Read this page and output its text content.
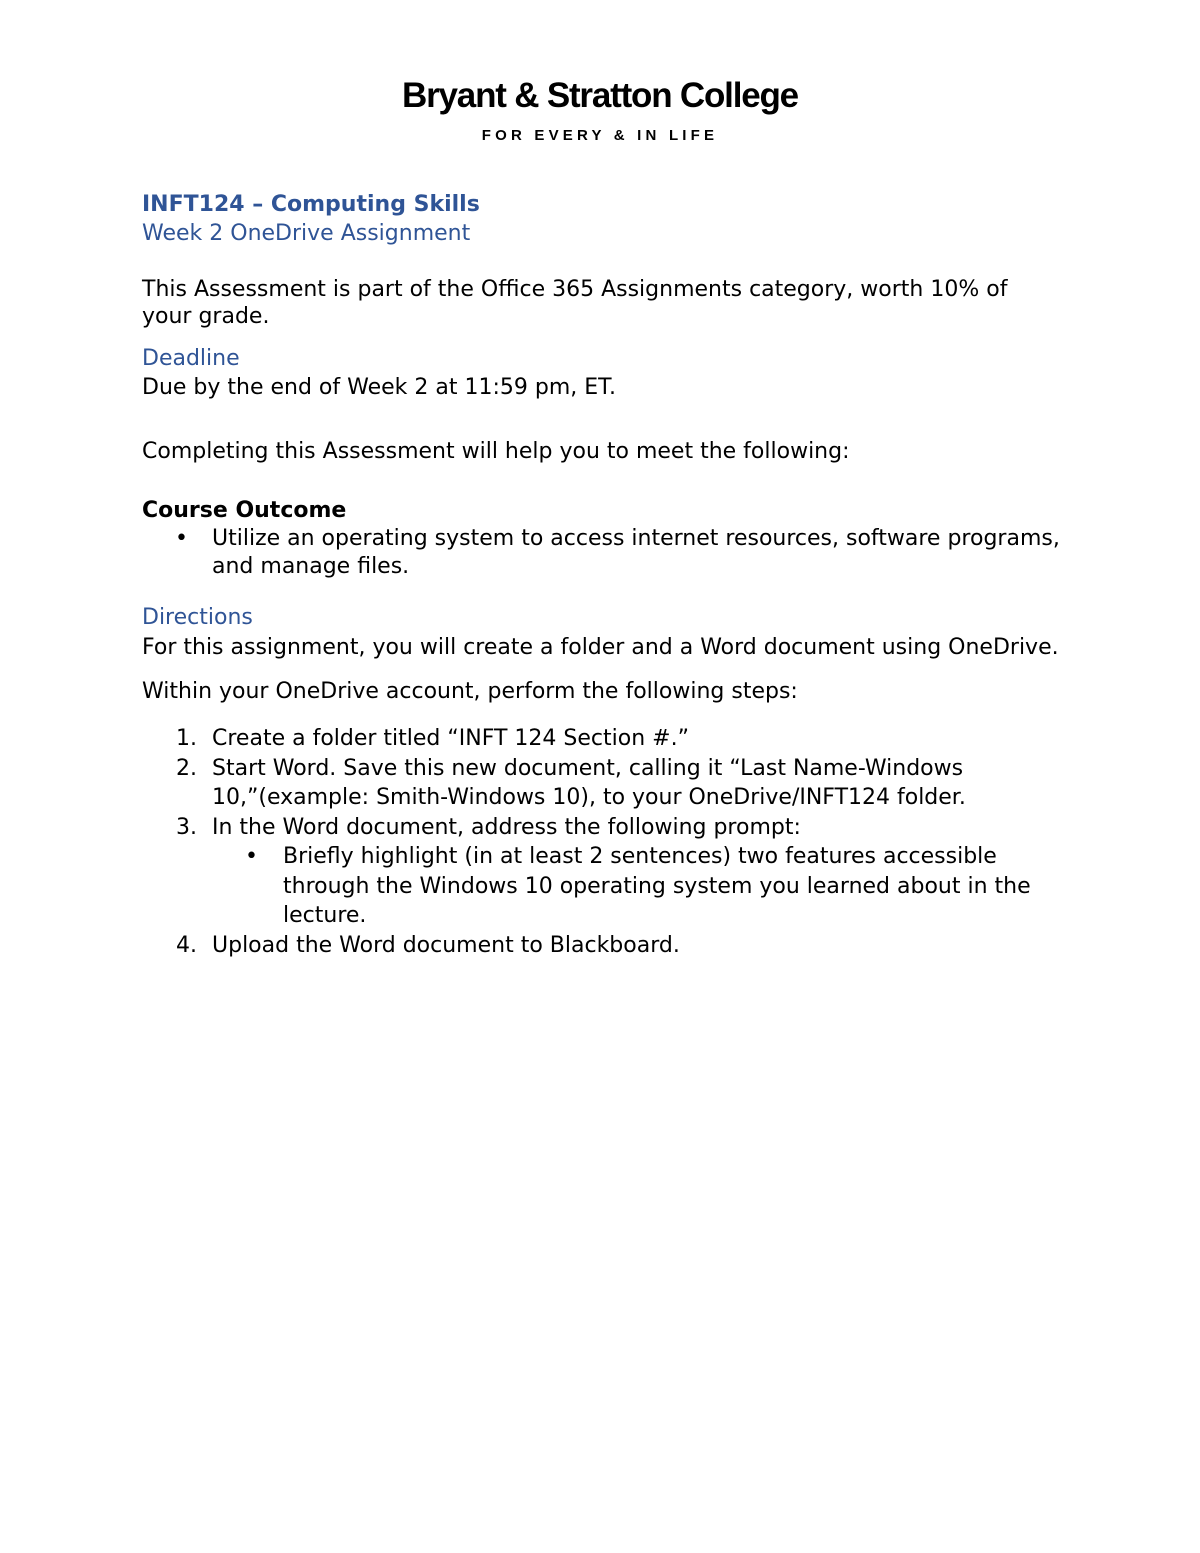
Bryant & Stratton College
FOR EVERY & IN LIFE
INFT124 – Computing Skills
Week 2 OneDrive Assignment

This Assessment is part of the Office 365 Assignments category, worth 10% of your grade.

Deadline

Due by the end of Week 2 at 11:59 pm, ET.

Completing this Assessment will help you to meet the following:

Course Outcome

• Utilize an operating system to access internet resources, software programs, and manage files.

Directions

For this assignment, you will create a folder and a Word document using OneDrive.

Within your OneDrive account, perform the following steps:

1. Create a folder titled “INFT 124 Section #.”
2. Start Word. Save this new document, calling it “Last Name-Windows 10,”(example: Smith-Windows 10), to your OneDrive/INFT124 folder.
3. In the Word document, address the following prompt:
• Briefly highlight (in at least 2 sentences) two features accessible through the Windows 10 operating system you learned about in the lecture.
4. Upload the Word document to Blackboard.
